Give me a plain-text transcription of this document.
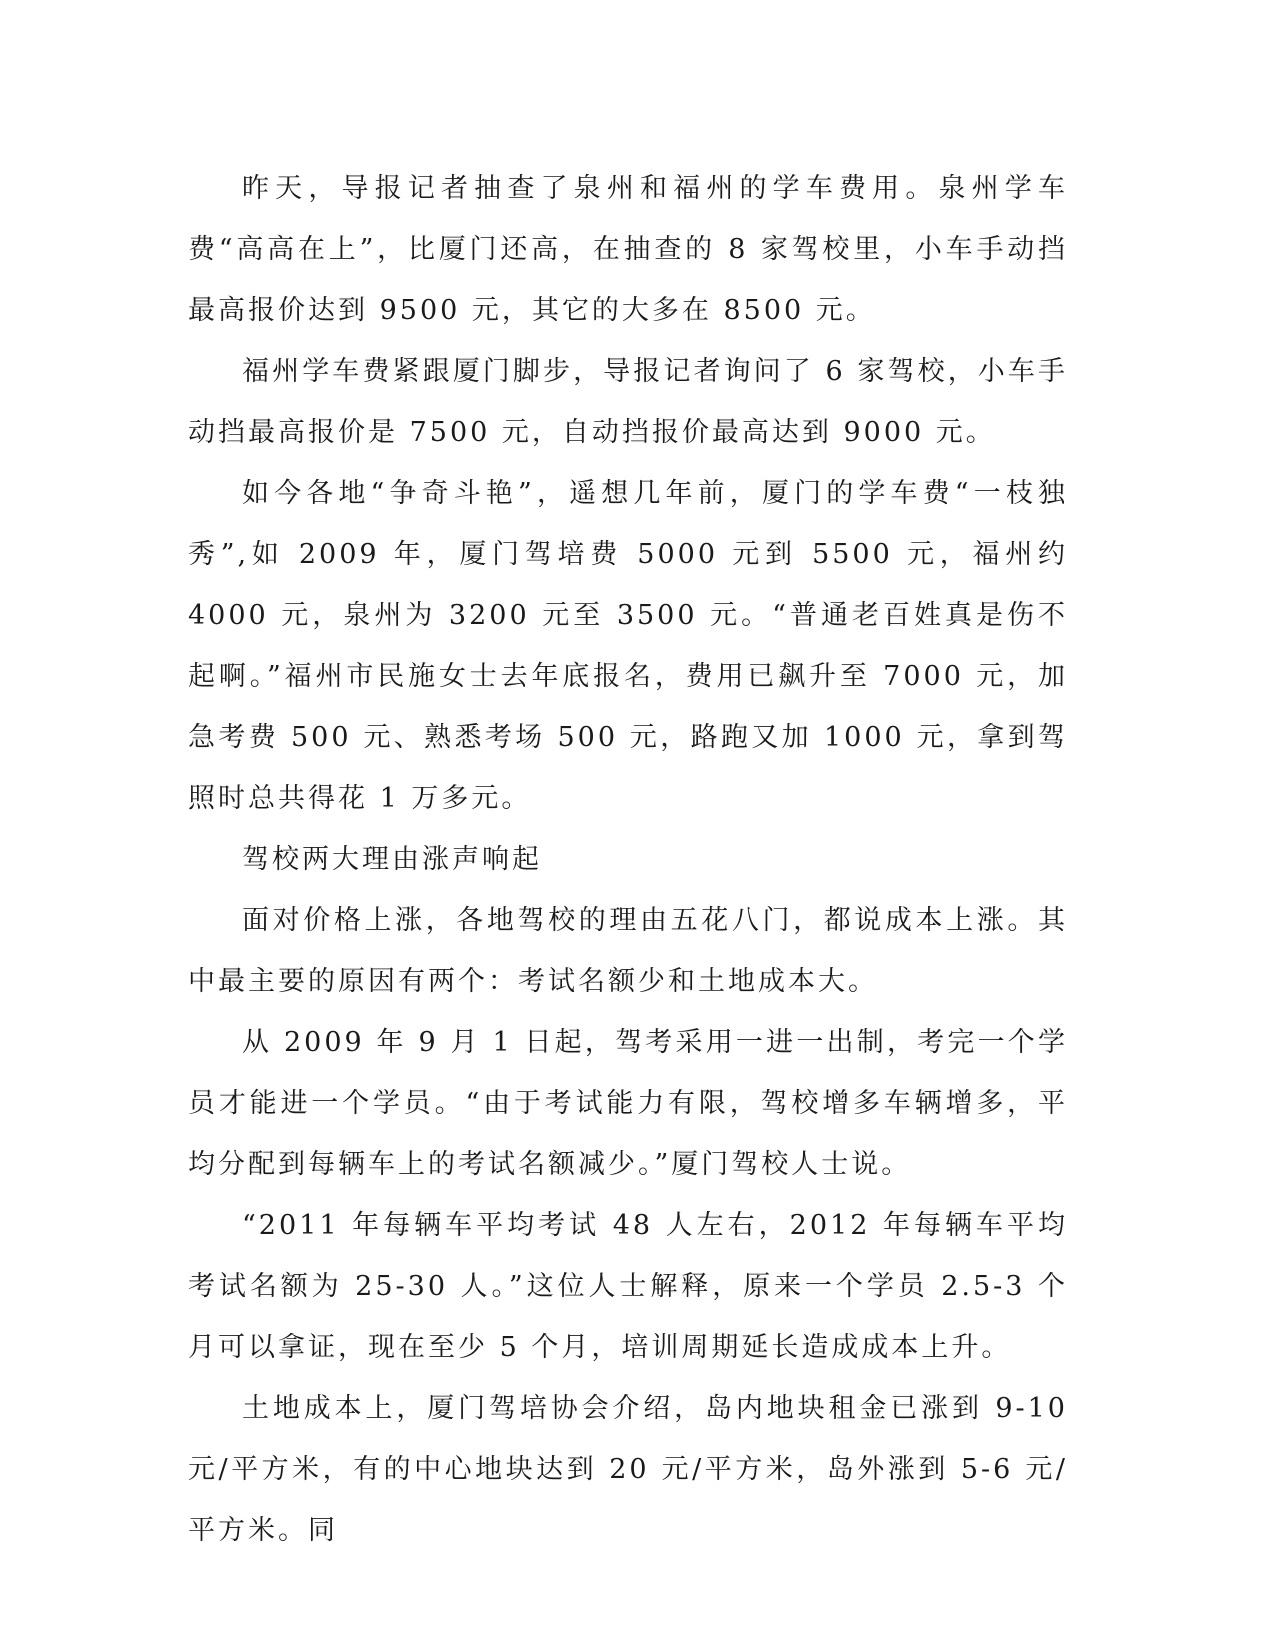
昨天，导报记者抽查了泉州和福州的学车费用。泉州学车费“高高在上”，比厦门还高，在抽查的 8 家驾校里，小车手动挡最高报价达到 9500 元，其它的大多在 8500 元。

福州学车费紧跟厦门脚步，导报记者询问了 6 家驾校，小车手动挡最高报价是 7500 元，自动挡报价最高达到 9000 元。

如今各地“争奇斗艳”，遥想几年前，厦门的学车费“一枝独秀”,如 2009 年，厦门驾培费 5000 元到 5500 元，福州约 4000 元，泉州为 3200 元至 3500 元。“普通老百姓真是伤不起啊。”福州市民施女士去年底报名，费用已飙升至 7000 元，加急考费 500 元、熟悉考场 500 元，路跑又加 1000 元，拿到驾照时总共得花 1 万多元。

驾校两大理由涨声响起

面对价格上涨，各地驾校的理由五花八门，都说成本上涨。其中最主要的原因有两个：考试名额少和土地成本大。

从 2009 年 9 月 1 日起，驾考采用一进一出制，考完一个学员才能进一个学员。“由于考试能力有限，驾校增多车辆增多，平均分配到每辆车上的考试名额减少。”厦门驾校人士说。

“2011 年每辆车平均考试 48 人左右，2012 年每辆车平均考试名额为 25-30 人。”这位人士解释，原来一个学员 2.5-3 个月可以拿证，现在至少 5 个月，培训周期延长造成成本上升。

土地成本上，厦门驾培协会介绍，岛内地块租金已涨到 9-10 元/平方米，有的中心地块达到 20 元/平方米，岛外涨到 5-6 元/平方米。同
